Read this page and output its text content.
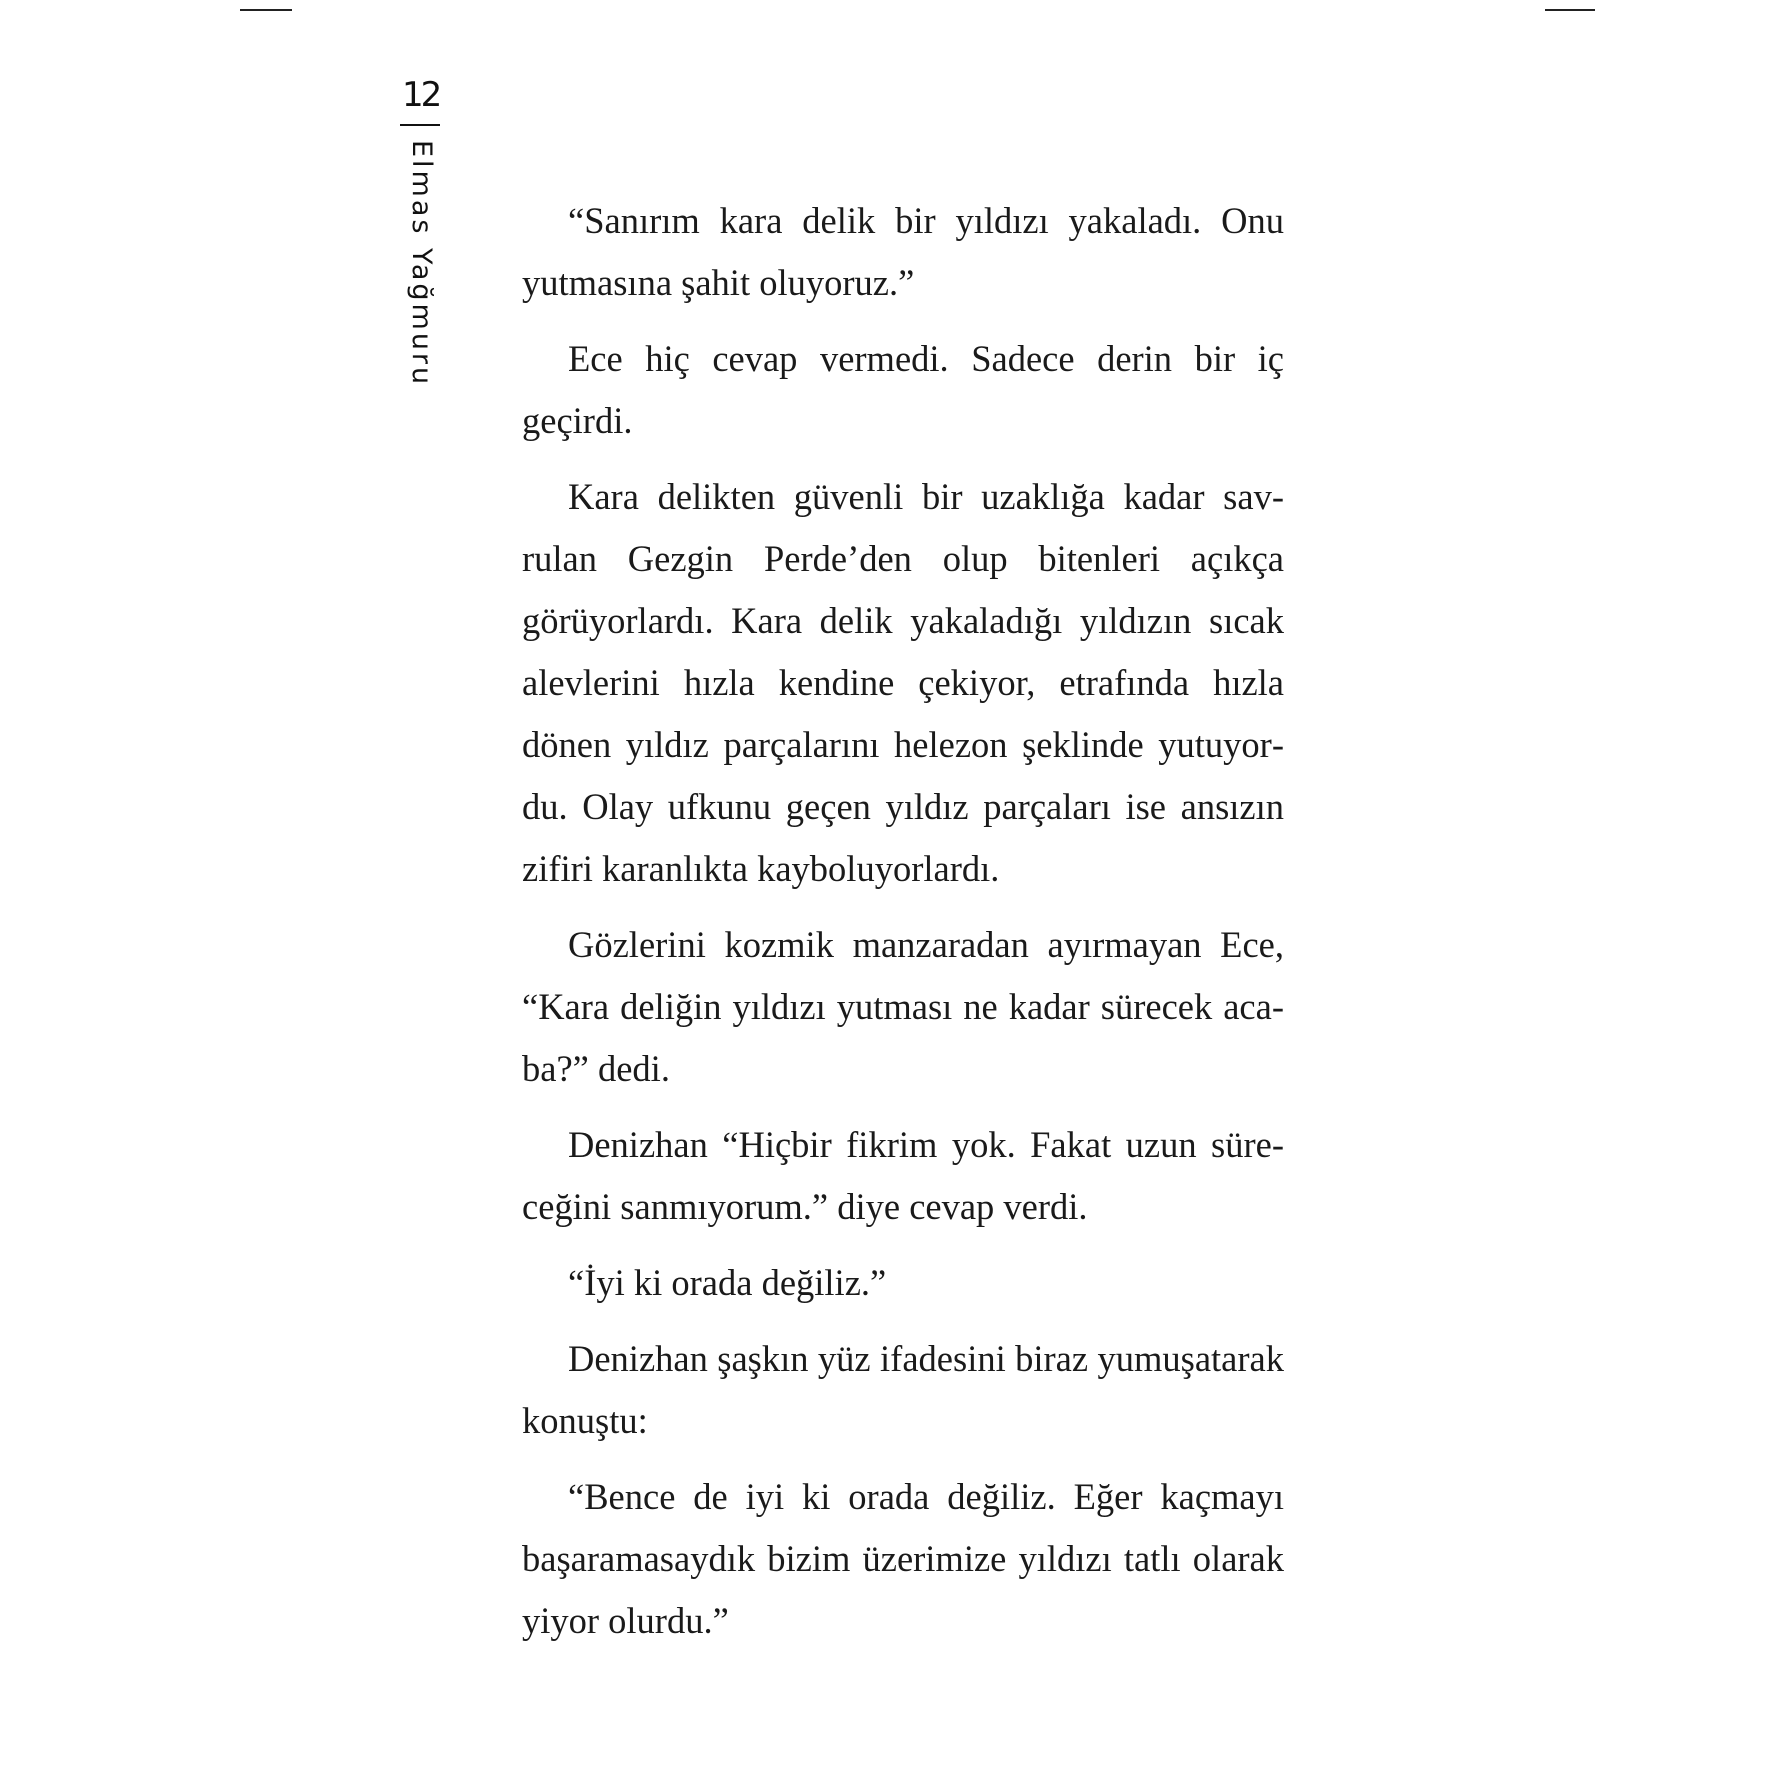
12
Elmas Yağmuru	“Sanırım kara delik bir yıldızı yakaladı. Onu yutmasına şahit oluyoruz.”

Ece hiç cevap vermedi. Sadece derin bir iç geçirdi.

Kara delikten güvenli bir uzaklığa kadar savrulan Gezgin Perde’den olup bitenleri açıkça görüyorlardı. Kara delik yakaladığı yıldızın sıcak alevlerini hızla kendine çekiyor, etrafında hızla dönen yıldız parçalarını helezon şeklinde yutuyordu. Olay ufkunu geçen yıldız parçaları ise ansızın zifiri karanlıkta kayboluyorlardı.

Gözlerini kozmik manzaradan ayırmayan Ece, “Kara deliğin yıldızı yutması ne kadar sürecek acaba?” dedi.

Denizhan “Hiçbir fikrim yok. Fakat uzun süreceğini sanmıyorum.” diye cevap verdi.

“İyi ki orada değiliz.”

Denizhan şaşkın yüz ifadesini biraz yumuşatarak konuştu:

“Bence de iyi ki orada değiliz. Eğer kaçmayı başaramasaydık bizim üzerimize yıldızı tatlı olarak yiyor olurdu.”
